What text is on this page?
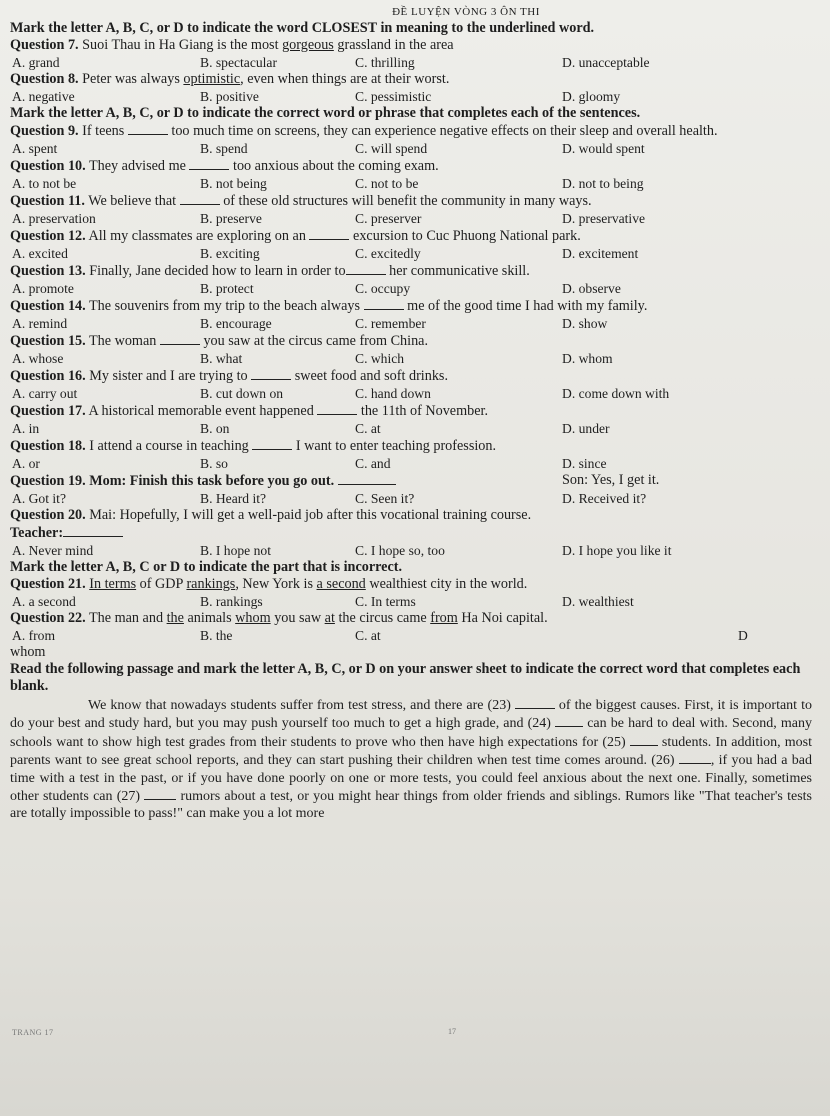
ĐỀ LUYỆN VÒNG 3 ÔN THI
Mark the letter A, B, C, or D to indicate the word CLOSEST in meaning to the underlined word.
Question 7. Suoi Thau in Ha Giang is the most gorgeous grassland in the area
A. grand	B. spectacular	C. thrilling	D. unacceptable
Question 8. Peter was always optimistic, even when things are at their worst.
A. negative	B. positive	C. pessimistic	D. gloomy
Mark the letter A, B, C, or D to indicate the correct word or phrase that completes each of the sentences.
Question 9. If teens	too much time on screens, they can experience negative effects on their sleep and overall health.
A. spent	B. spend	C. will spend	D. would spent
Question 10. They advised me	too anxious about the coming exam.
A. to not be	B. not being	C. not to be	D. not to being
Question 11. We believe that	of these old structures will benefit the community in many ways.
A. preservation	B. preserve	C. preserver	D. preservative
Question 12. All my classmates are exploring on an	excursion to Cuc Phuong National park.
A. excited	B. exciting	C. excitedly	D. excitement
Question 13. Finally, Jane decided how to learn in order to	her communicative skill.
A. promote	B. protect	C. occupy	D. observe
Question 14. The souvenirs from my trip to the beach always	me of the good time I had with my family.
A. remind	B. encourage	C. remember	D. show
Question 15. The woman	you saw at the circus came from China.
A. whose	B. what	C. which	D. whom
Question 16. My sister and I are trying to	sweet food and soft drinks.
A. carry out	B. cut down on	C. hand down	D. come down with
Question 17. A historical memorable event happened	the 11th of November.
A. in	B. on	C. at	D. under
Question 18. I attend a course in teaching	I want to enter teaching profession.
A. or	B. so	C. and	D. since
Question 19. Mom: Finish this task before you go out.	Son: Yes, I get it.
A. Got it?	B. Heard it?	C. Seen it?	D. Received it?
Question 20. Mai: Hopefully, I will get a well-paid job after this vocational training course.
Teacher:
A. Never mind	B. I hope not	C. I hope so, too	D. I hope you like it
Mark the letter A, B, C or D to indicate the part that is incorrect.
Question 21. In terms of GDP rankings, New York is a second wealthiest city in the world.
A. a second	B. rankings	C. In terms	D. wealthiest
Question 22. The man and the animals whom you saw at the circus came from Ha Noi capital.
A. from	B. the	C. at	D
whom
Read the following passage and mark the letter A, B, C, or D on your answer sheet to indicate the correct word that completes each blank.

We know that nowadays students suffer from test stress, and there are (23)	of the biggest causes. First, it is important to do your best and study hard, but you may push yourself too much to get a high grade, and (24)  can be hard to deal with. Second, many schools want to show high test grades from their students to prove who then have high expectations for (25)  students. In addition, most parents want to see great school reports, and they can start pushing their children when test time comes around. (26) , if you had a bad time with a test in the past, or if you have done poorly on one or more tests, you could feel anxious about the next one. Finally, sometimes other students can (27)  rumors about a test, or you might hear things from older friends and siblings. Rumors like "That teacher's tests are totally impossible to pass!" can make you a lot more

TRANG 17	17
